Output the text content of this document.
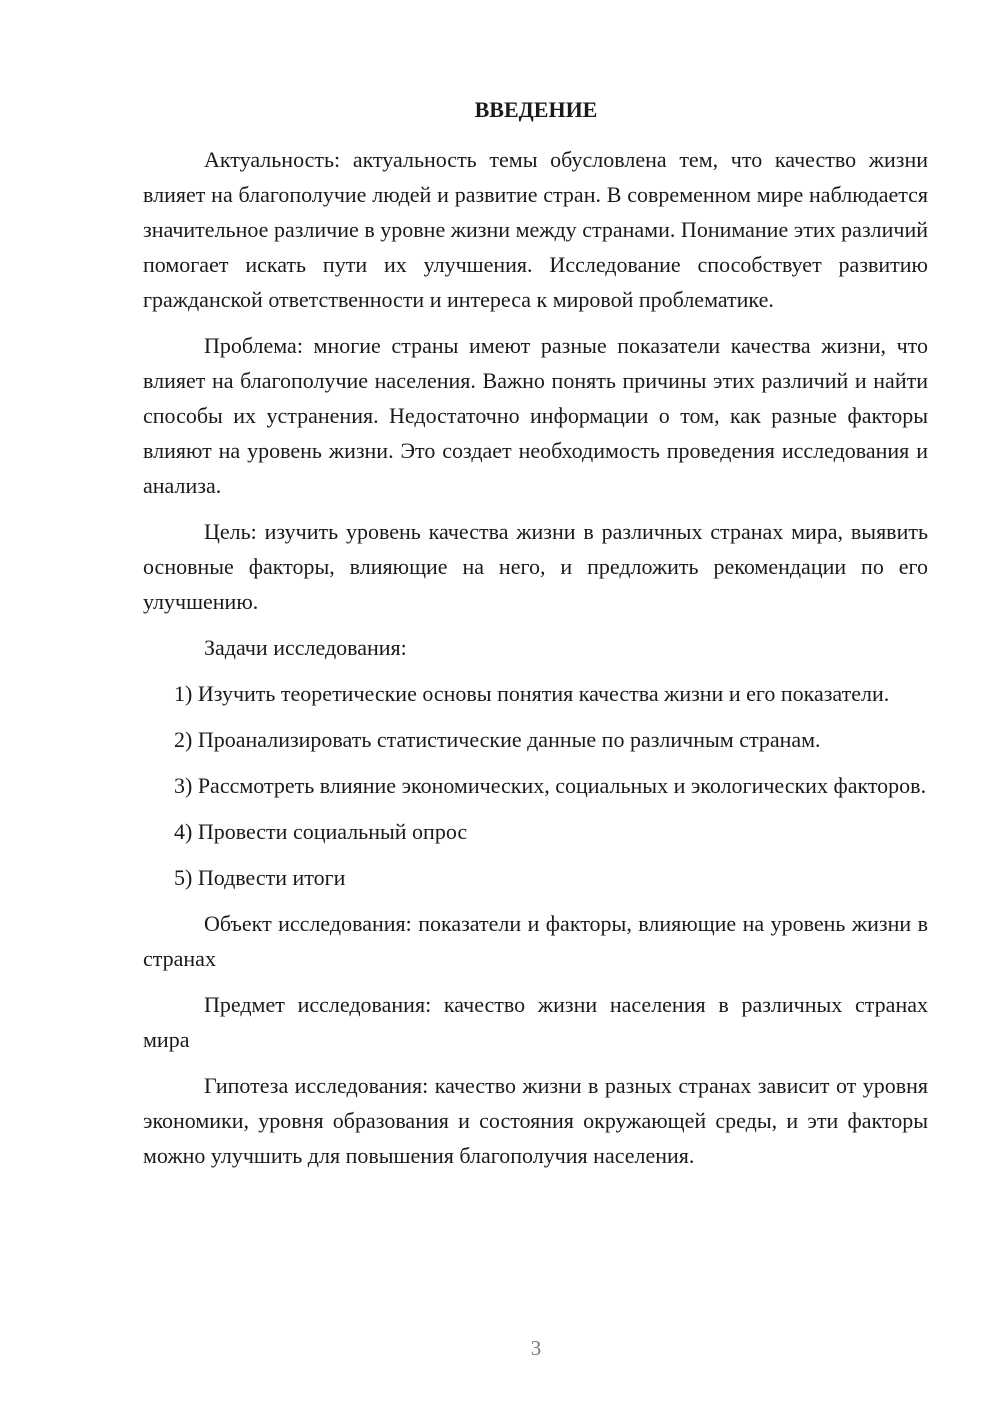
ВВЕДЕНИЕ

Актуальность: актуальность темы обусловлена тем, что качество жизни влияет на благополучие людей и развитие стран. В современном мире наблюдается значительное различие в уровне жизни между странами. Понимание этих различий помогает искать пути их улучшения. Исследование способствует развитию гражданской ответственности и интереса к мировой проблематике.

Проблема: многие страны имеют разные показатели качества жизни, что влияет на благополучие населения. Важно понять причины этих различий и найти способы их устранения. Недостаточно информации о том, как разные факторы влияют на уровень жизни. Это создает необходимость проведения исследования и анализа.

Цель: изучить уровень качества жизни в различных странах мира, выявить основные факторы, влияющие на него, и предложить рекомендации по его улучшению.

Задачи исследования:

1) Изучить теоретические основы понятия качества жизни и его показатели.

2) Проанализировать статистические данные по различным странам.

3) Рассмотреть влияние экономических, социальных и экологических факторов.

4) Провести социальный опрос

5) Подвести итоги

Объект исследования: показатели и факторы, влияющие на уровень жизни в странах

Предмет исследования: качество жизни населения в различных странах мира

Гипотеза исследования: качество жизни в разных странах зависит от уровня экономики, уровня образования и состояния окружающей среды, и эти факторы можно улучшить для повышения благополучия населения.

3
